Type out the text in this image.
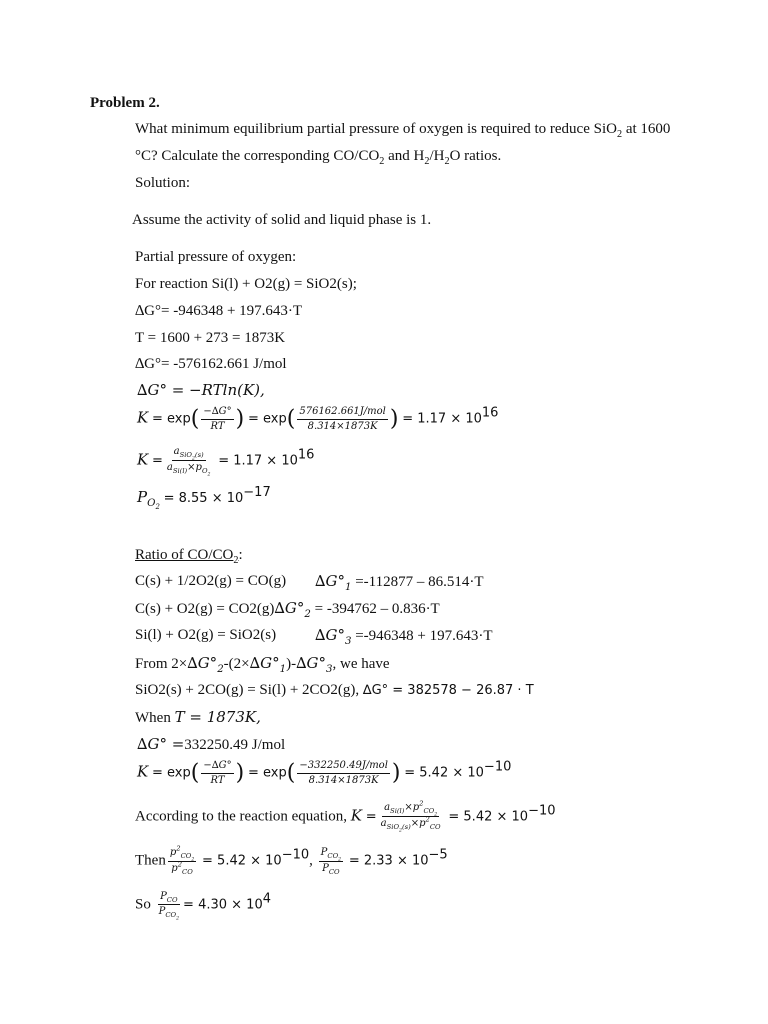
Problem 2.
What minimum equilibrium partial pressure of oxygen is required to reduce SiO$_2$ at 1600
°C? Calculate the corresponding $CO/CO_2$ and $H_2/H_2O$ ratios.
Solution:
Assume the activity of solid and liquid phase is 1.
Partial pressure of oxygen:
For reaction Si(l) + O2(g) = SiO2(s);
∆G°= -946348 + 197.643·T
T = 1600 + 273 = 1873K
∆G°= -576162.661 J/mol
∆G° = −RTln(K),
$K = \exp( \frac{-\Delta G^\circ}{RT}$ ) = $\exp( \frac{\text{576162.661J/mol}}{8.314\times 1873K}$ ) = $1.17 \times 10^{16}$
$K = \frac{a_{SiO_2(s)}}{a_{Si(l)}\times p_{O_2}} = 1.17 \times 10^{16}$
$P_{O_2} = 8.55 \times 10^{-17}$
Ratio of $CO/CO_2$:
C(s) + 1/2O2(g) = CO(g) $\Delta G^\circ_1 =-112877 - 86.514\cdot T$
$C(s) + O2(g) = CO2(g)\Delta G^\circ_2 = -394762 - 0.836\cdot T$
Si(l) + O2(g) = SiO2(s)	$\Delta G^\circ_3 =-946348 + 197.643\cdot T$
From $2\times\Delta G^\circ_2-(2\times\Delta G^\circ_1)-\Delta G^\circ_3$, we have
SiO2(s) + 2CO(g) = Si(l) + 2CO2(g), ∆G° = 382578 − 26.87 · T
When T = 1873K,
∆G° =332250.49 J/mol
$K = \exp( \frac{-\Delta G^\circ}{RT}$ ) = $\exp( \frac{\text{−332250.49J/mol}}{8.314\times 1873K}$ ) = $5.42 \times 10^{-10}$
According to the reaction equation, $K = \frac{a_{Si(l)}\times p^2_{CO_2}}{a_{SiO_2(s)}\times p^2_{CO}} = 5.42 \times 10^{-10}$
Then $\frac{p^2_{CO_2}}{p^2_{CO}} = 5.42 \times 10^{-10}$, $\frac{P_{CO_2}}{P_{CO}} = 2.33 \times 10^{-5}$
So $\frac{P_{CO}}{P_{CO_2}} = 4.30 \times 10^4$
